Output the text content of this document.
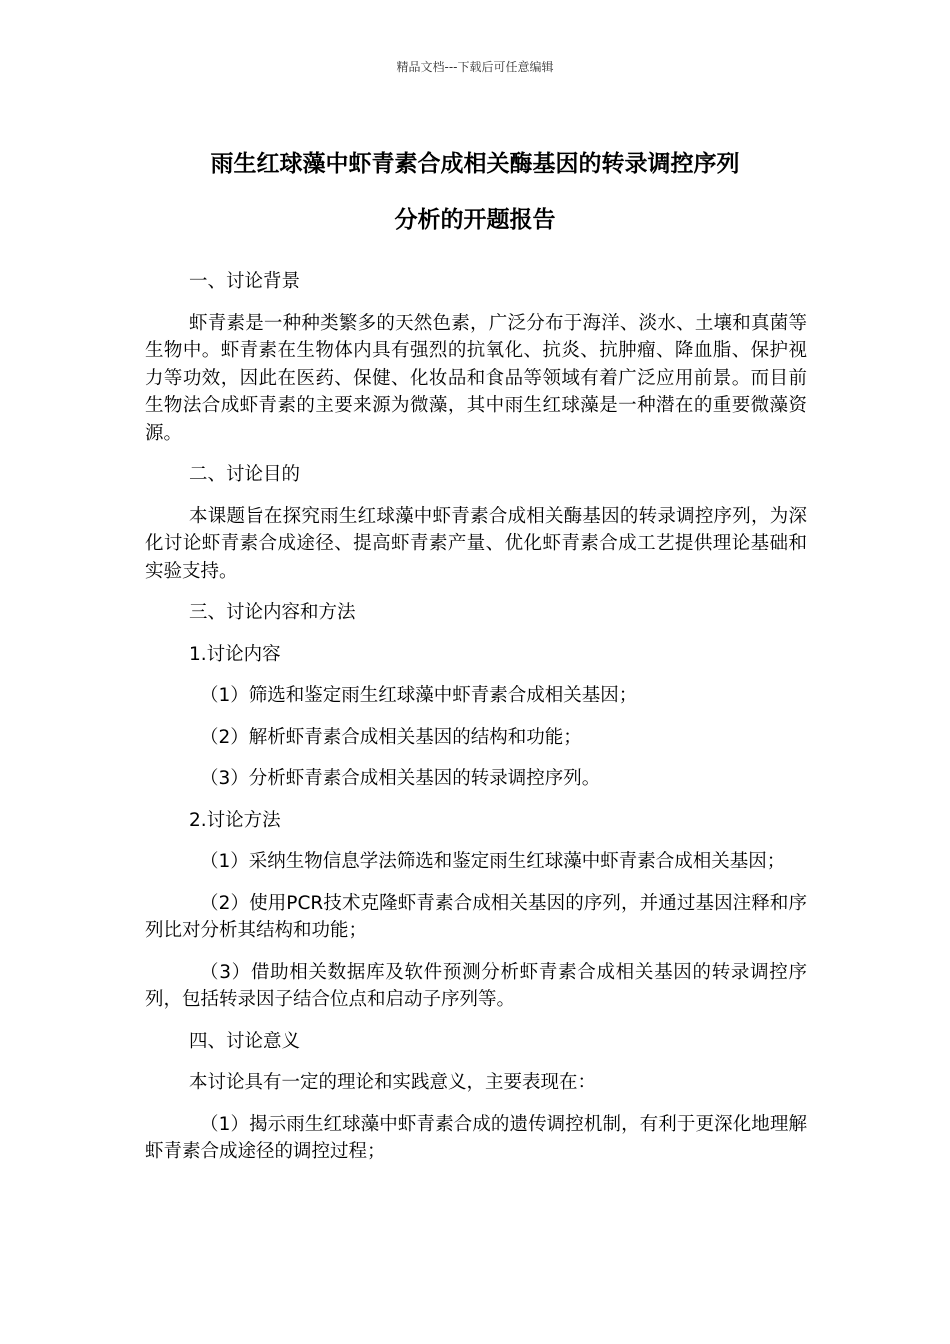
精品文档---下载后可任意编辑
雨生红球藻中虾青素合成相关酶基因的转录调控序列
分析的开题报告

一、讨论背景

虾青素是一种种类繁多的天然色素，广泛分布于海洋、淡水、土壤和真菌等生物中。虾青素在生物体内具有强烈的抗氧化、抗炎、抗肿瘤、降血脂、保护视力等功效，因此在医药、保健、化妆品和食品等领域有着广泛应用前景。而目前生物法合成虾青素的主要来源为微藻，其中雨生红球藻是一种潜在的重要微藻资源。

二、讨论目的

本课题旨在探究雨生红球藻中虾青素合成相关酶基因的转录调控序列，为深化讨论虾青素合成途径、提高虾青素产量、优化虾青素合成工艺提供理论基础和实验支持。

三、讨论内容和方法

1.讨论内容

（1）筛选和鉴定雨生红球藻中虾青素合成相关基因；

（2）解析虾青素合成相关基因的结构和功能；

（3）分析虾青素合成相关基因的转录调控序列。

2.讨论方法

（1）采纳生物信息学法筛选和鉴定雨生红球藻中虾青素合成相关基因；

（2）使用PCR技术克隆虾青素合成相关基因的序列，并通过基因注释和序列比对分析其结构和功能；

（3）借助相关数据库及软件预测分析虾青素合成相关基因的转录调控序列，包括转录因子结合位点和启动子序列等。

四、讨论意义

本讨论具有一定的理论和实践意义，主要表现在：

（1）揭示雨生红球藻中虾青素合成的遗传调控机制，有利于更深化地理解虾青素合成途径的调控过程；
